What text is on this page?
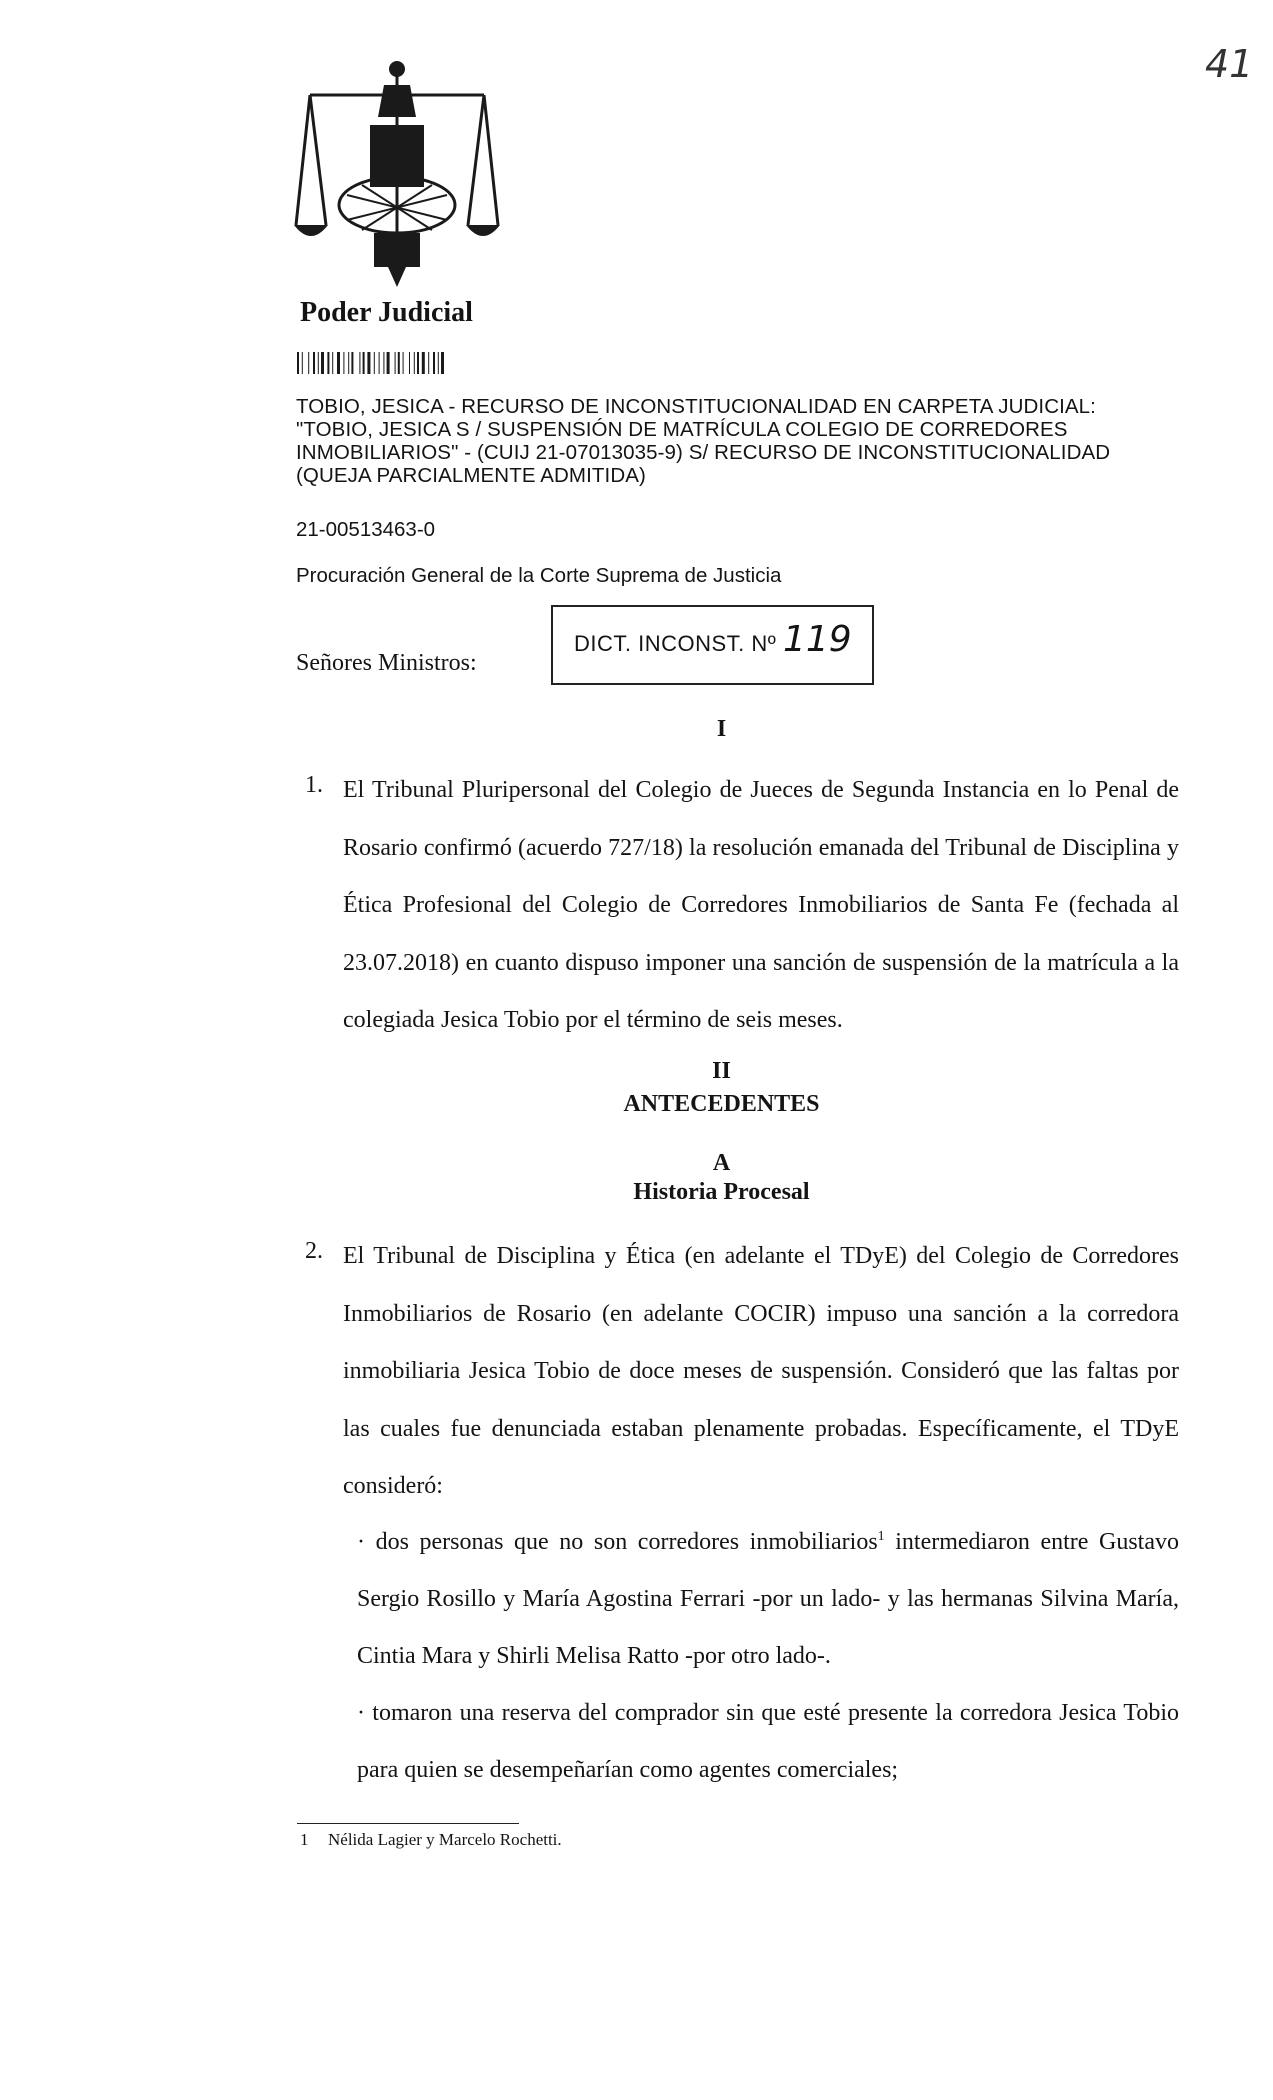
41
Poder Judicial
TOBIO, JESICA - RECURSO DE INCONSTITUCIONALIDAD EN CARPETA JUDICIAL: "TOBIO, JESICA S / SUSPENSIÓN DE MATRÍCULA COLEGIO DE CORREDORES INMOBILIARIOS" - (CUIJ 21-07013035-9) S/ RECURSO DE INCONSTITUCIONALIDAD (QUEJA PARCIALMENTE ADMITIDA)
21-00513463-0
Procuración General de la Corte Suprema de Justicia
DICT. INCONST. Nº 119
Señores Ministros:
I
1. El Tribunal Pluripersonal del Colegio de Jueces de Segunda Instancia en lo Penal de Rosario confirmó (acuerdo 727/18) la resolución emanada del Tribunal de Disciplina y Ética Profesional del Colegio de Corredores Inmobiliarios de Santa Fe (fechada al 23.07.2018) en cuanto dispuso imponer una sanción de suspensión de la matrícula a la colegiada Jesica Tobio por el término de seis meses.
II
ANTECEDENTES
A
Historia Procesal
2. El Tribunal de Disciplina y Ética (en adelante el TDyE) del Colegio de Corredores Inmobiliarios de Rosario (en adelante COCIR) impuso una sanción a la corredora inmobiliaria Jesica Tobio de doce meses de suspensión. Consideró que las faltas por las cuales fue denunciada estaban plenamente probadas. Específicamente, el TDyE consideró:
· dos personas que no son corredores inmobiliarios$^1$ intermediaron entre Gustavo Sergio Rosillo y María Agostina Ferrari -por un lado- y las hermanas Silvina María, Cintia Mara y Shirli Melisa Ratto -por otro lado-.
· tomaron una reserva del comprador sin que esté presente la corredora Jesica Tobio para quien se desempeñarían como agentes comerciales;
1 Nélida Lagier y Marcelo Rochetti.
